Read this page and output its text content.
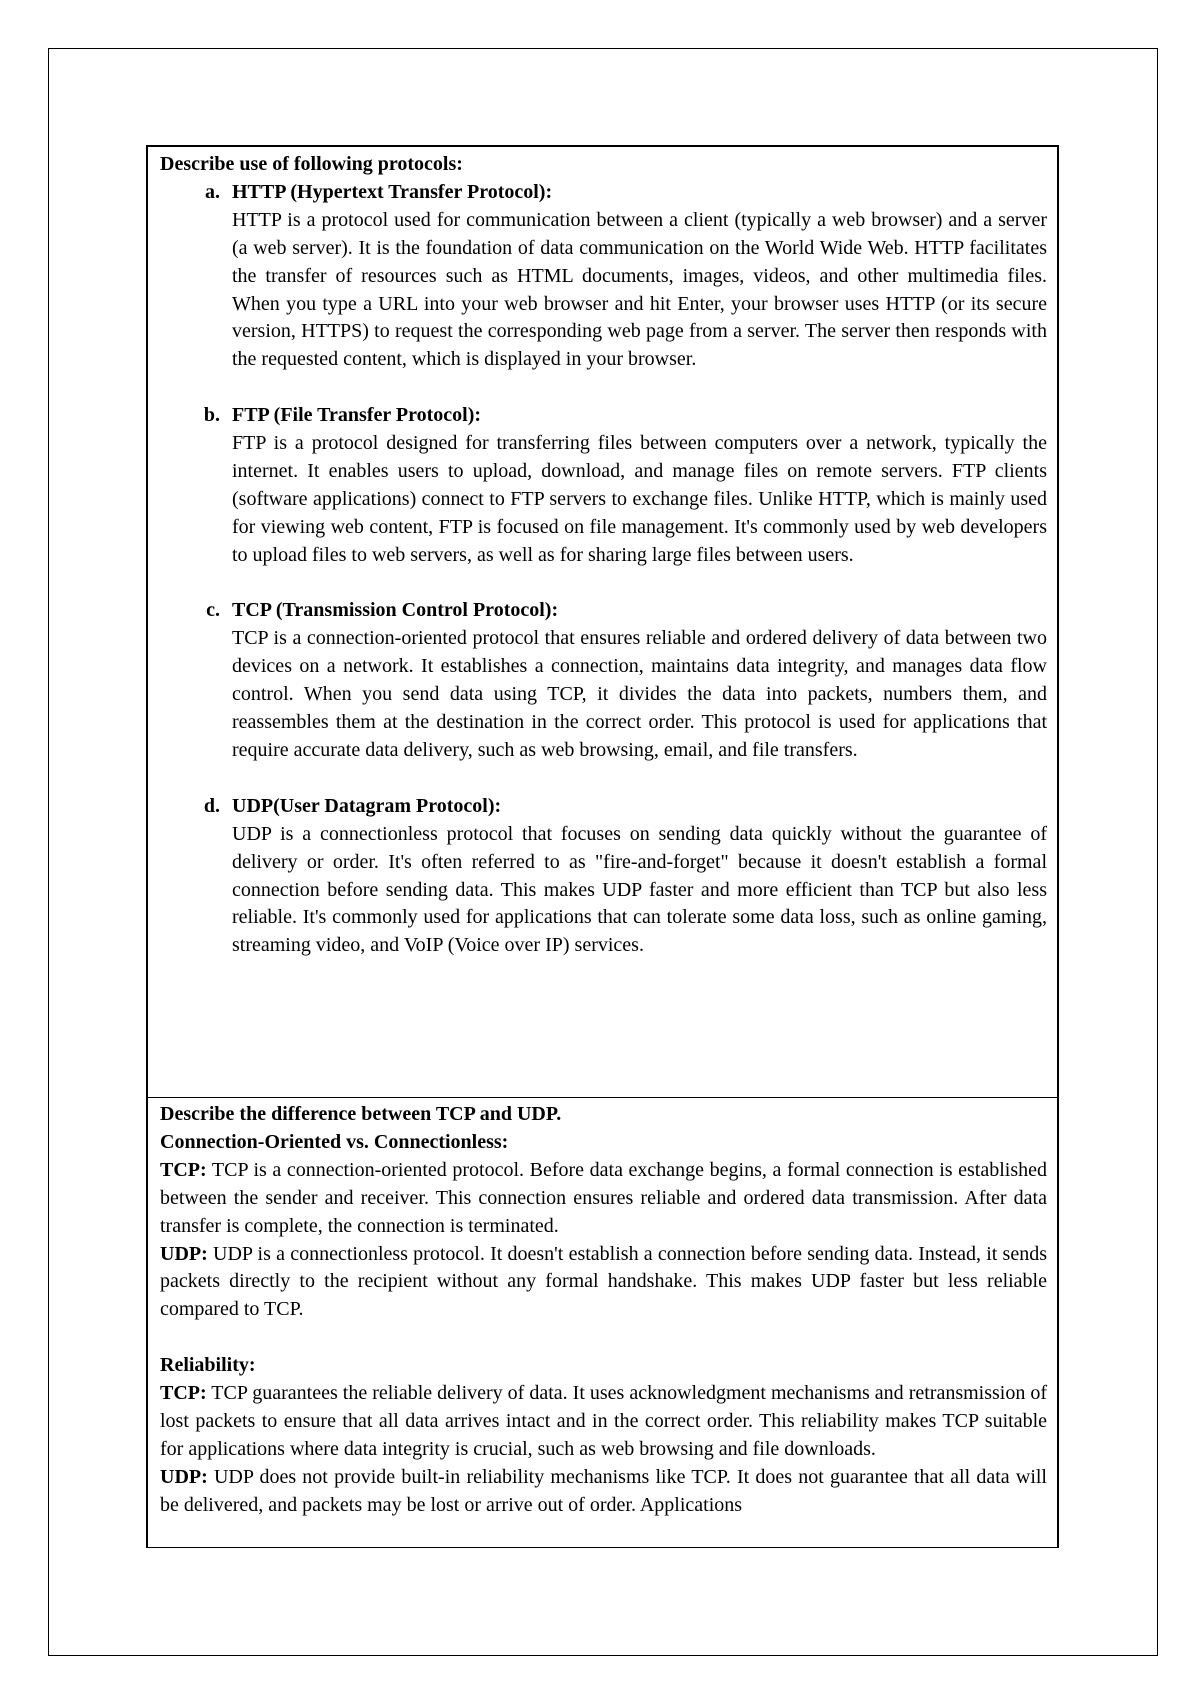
Describe use of following protocols:
a. HTTP (Hypertext Transfer Protocol):

HTTP is a protocol used for communication between a client (typically a web browser) and a server (a web server). It is the foundation of data communication on the World Wide Web. HTTP facilitates the transfer of resources such as HTML documents, images, videos, and other multimedia files. When you type a URL into your web browser and hit Enter, your browser uses HTTP (or its secure version, HTTPS) to request the corresponding web page from a server. The server then responds with the requested content, which is displayed in your browser.

b. FTP (File Transfer Protocol):

FTP is a protocol designed for transferring files between computers over a network, typically the internet. It enables users to upload, download, and manage files on remote servers. FTP clients (software applications) connect to FTP servers to exchange files. Unlike HTTP, which is mainly used for viewing web content, FTP is focused on file management. It's commonly used by web developers to upload files to web servers, as well as for sharing large files between users.

c. TCP (Transmission Control Protocol):

TCP is a connection-oriented protocol that ensures reliable and ordered delivery of data between two devices on a network. It establishes a connection, maintains data integrity, and manages data flow control. When you send data using TCP, it divides the data into packets, numbers them, and reassembles them at the destination in the correct order. This protocol is used for applications that require accurate data delivery, such as web browsing, email, and file transfers.

d. UDP(User Datagram Protocol):

UDP is a connectionless protocol that focuses on sending data quickly without the guarantee of delivery or order. It's often referred to as "fire-and-forget" because it doesn't establish a formal connection before sending data. This makes UDP faster and more efficient than TCP but also less reliable. It's commonly used for applications that can tolerate some data loss, such as online gaming, streaming video, and VoIP (Voice over IP) services.

Describe the difference between TCP and UDP.
Connection-Oriented vs. Connectionless:

TCP: TCP is a connection-oriented protocol. Before data exchange begins, a formal connection is established between the sender and receiver. This connection ensures reliable and ordered data transmission. After data transfer is complete, the connection is terminated.

UDP: UDP is a connectionless protocol. It doesn't establish a connection before sending data. Instead, it sends packets directly to the recipient without any formal handshake. This makes UDP faster but less reliable compared to TCP.

Reliability:

TCP: TCP guarantees the reliable delivery of data. It uses acknowledgment mechanisms and retransmission of lost packets to ensure that all data arrives intact and in the correct order. This reliability makes TCP suitable for applications where data integrity is crucial, such as web browsing and file downloads.

UDP: UDP does not provide built-in reliability mechanisms like TCP. It does not guarantee that all data will be delivered, and packets may be lost or arrive out of order. Applications
